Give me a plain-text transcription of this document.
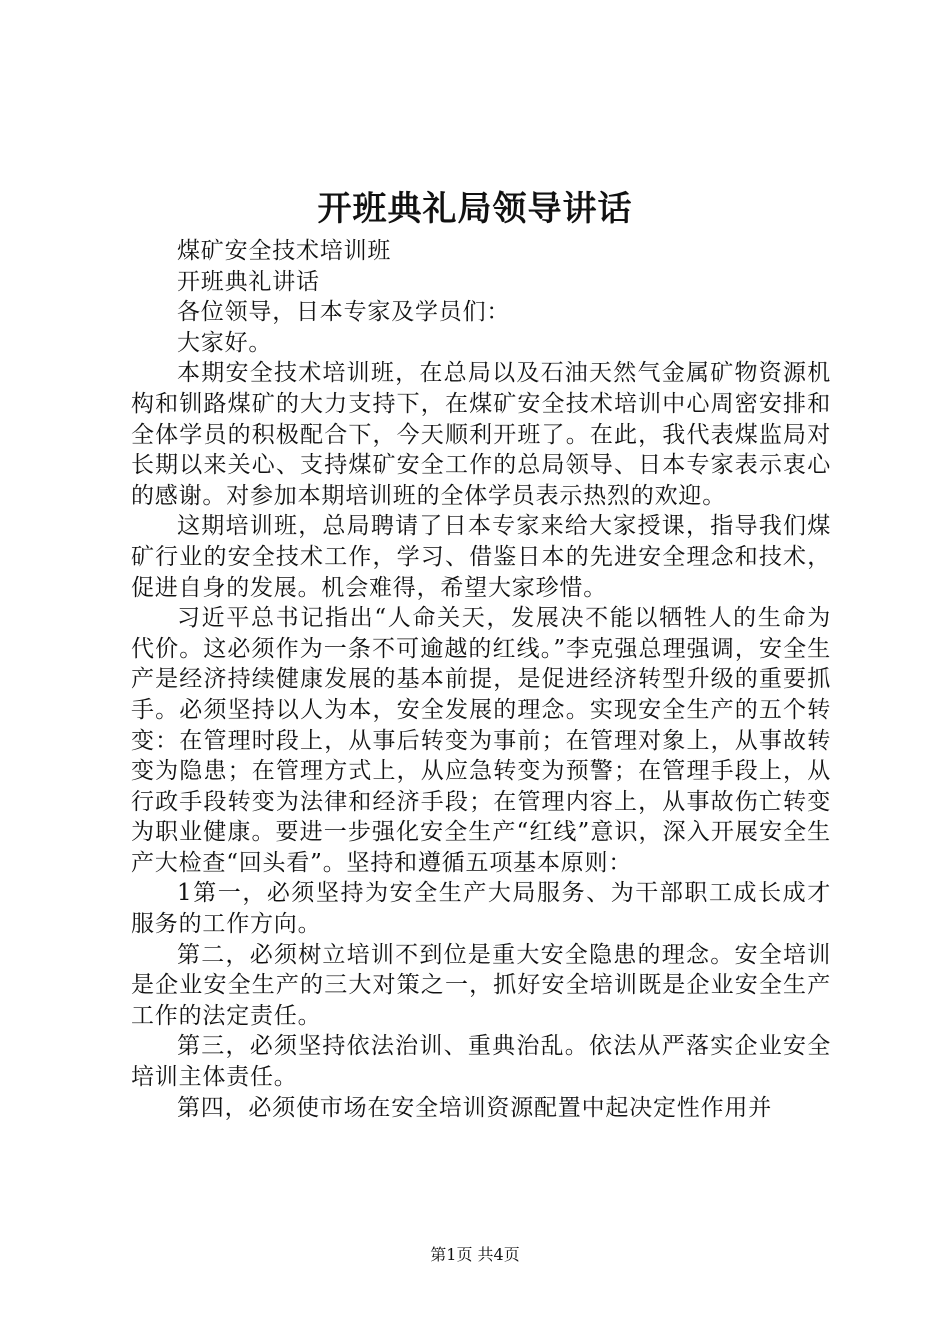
开班典礼局领导讲话

煤矿安全技术培训班

开班典礼讲话

各位领导，日本专家及学员们：

大家好。

本期安全技术培训班，在总局以及石油天然气金属矿物资源机构和钏路煤矿的大力支持下，在煤矿安全技术培训中心周密安排和全体学员的积极配合下，今天顺利开班了。在此，我代表煤监局对长期以来关心、支持煤矿安全工作的总局领导、日本专家表示衷心的感谢。对参加本期培训班的全体学员表示热烈的欢迎。

这期培训班，总局聘请了日本专家来给大家授课，指导我们煤矿行业的安全技术工作，学习、借鉴日本的先进安全理念和技术，促进自身的发展。机会难得，希望大家珍惜。

习近平总书记指出“人命关天，发展决不能以牺牲人的生命为代价。这必须作为一条不可逾越的红线。”李克强总理强调，安全生产是经济持续健康发展的基本前提，是促进经济转型升级的重要抓手。必须坚持以人为本，安全发展的理念。实现安全生产的五个转变：在管理时段上，从事后转变为事前；在管理对象上，从事故转变为隐患；在管理方式上，从应急转变为预警；在管理手段上，从行政手段转变为法律和经济手段；在管理内容上，从事故伤亡转变为职业健康。要进一步强化安全生产“红线”意识，深入开展安全生产大检查“回头看”。坚持和遵循五项基本原则：

1第一，必须坚持为安全生产大局服务、为干部职工成长成才服务的工作方向。

第二，必须树立培训不到位是重大安全隐患的理念。安全培训是企业安全生产的三大对策之一，抓好安全培训既是企业安全生产工作的法定责任。

第三，必须坚持依法治训、重典治乱。依法从严落实企业安全培训主体责任。

第四，必须使市场在安全培训资源配置中起决定性作用并

第1页 共4页
